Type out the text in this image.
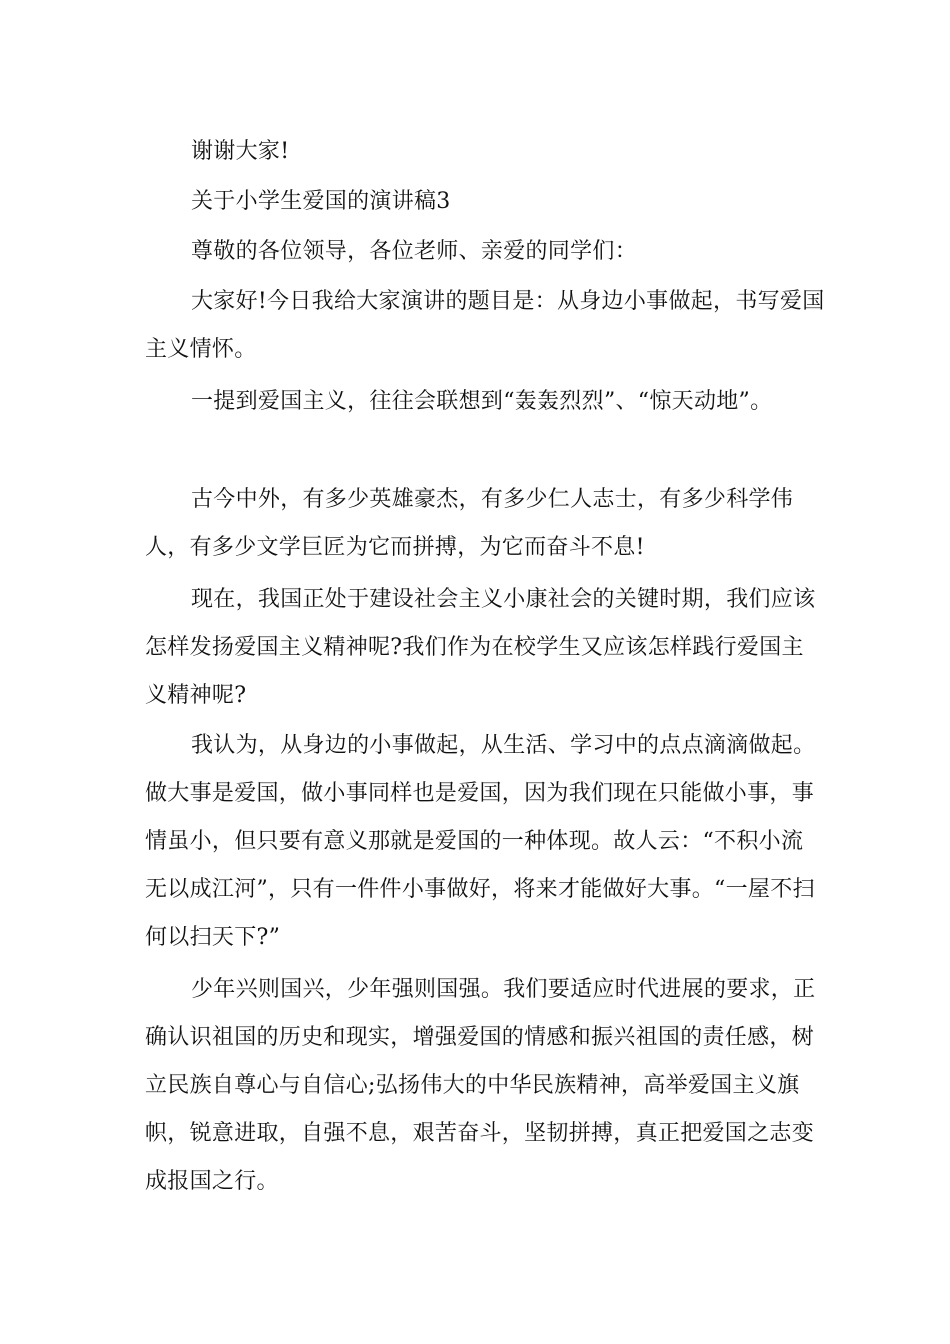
谢谢大家!

关于小学生爱国的演讲稿3

尊敬的各位领导，各位老师、亲爱的同学们：

大家好!今日我给大家演讲的题目是：从身边小事做起，书写爱国主义情怀。

一提到爱国主义，往往会联想到“轰轰烈烈”、“惊天动地”。

古今中外，有多少英雄豪杰，有多少仁人志士，有多少科学伟人，有多少文学巨匠为它而拼搏，为它而奋斗不息!

现在，我国正处于建设社会主义小康社会的关键时期，我们应该怎样发扬爱国主义精神呢?我们作为在校学生又应该怎样践行爱国主义精神呢?

我认为，从身边的小事做起，从生活、学习中的点点滴滴做起。做大事是爱国，做小事同样也是爱国，因为我们现在只能做小事，事情虽小，但只要有意义那就是爱国的一种体现。故人云：“不积小流无以成江河”，只有一件件小事做好，将来才能做好大事。“一屋不扫何以扫天下?”

少年兴则国兴，少年强则国强。我们要适应时代进展的要求，正确认识祖国的历史和现实，增强爱国的情感和振兴祖国的责任感，树立民族自尊心与自信心;弘扬伟大的中华民族精神，高举爱国主义旗帜，锐意进取，自强不息，艰苦奋斗，坚韧拼搏，真正把爱国之志变成报国之行。
